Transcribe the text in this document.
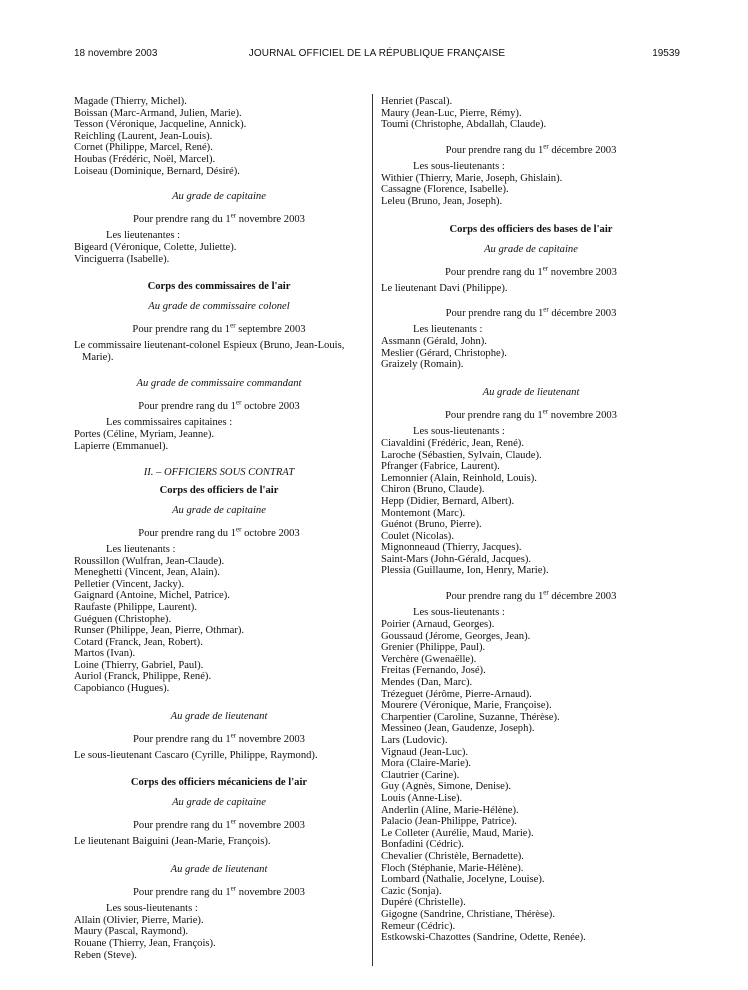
18 novembre 2003	JOURNAL OFFICIEL DE LA RÉPUBLIQUE FRANÇAISE	19539
Magade (Thierry, Michel).
Boissan (Marc-Armand, Julien, Marie).
Tesson (Véronique, Jacqueline, Annick).
Reichling (Laurent, Jean-Louis).
Cornet (Philippe, Marcel, René).
Houbas (Frédéric, Noël, Marcel).
Loiseau (Dominique, Bernard, Désiré).
Au grade de capitaine
Pour prendre rang du 1er novembre 2003
Les lieutenantes :
Bigeard (Véronique, Colette, Juliette).
Vinciguerra (Isabelle).
Corps des commissaires de l'air
Au grade de commissaire colonel
Pour prendre rang du 1er septembre 2003
Le commissaire lieutenant-colonel Espieux (Bruno, Jean-Louis, Marie).
Au grade de commissaire commandant
Pour prendre rang du 1er octobre 2003
Les commissaires capitaines :
Portes (Céline, Myriam, Jeanne).
Lapierre (Emmanuel).
II. – OFFICIERS SOUS CONTRAT
Corps des officiers de l'air
Au grade de capitaine
Pour prendre rang du 1er octobre 2003
Les lieutenants :
Roussillon (Wulfran, Jean-Claude).
Meneghetti (Vincent, Jean, Alain).
Pelletier (Vincent, Jacky).
Gaignard (Antoine, Michel, Patrice).
Raufaste (Philippe, Laurent).
Guéguen (Christophe).
Runser (Philippe, Jean, Pierre, Othmar).
Cotard (Franck, Jean, Robert).
Martos (Ivan).
Loine (Thierry, Gabriel, Paul).
Auriol (Franck, Philippe, René).
Capobianco (Hugues).
Au grade de lieutenant
Pour prendre rang du 1er novembre 2003
Le sous-lieutenant Cascaro (Cyrille, Philippe, Raymond).
Corps des officiers mécaniciens de l'air
Au grade de capitaine
Pour prendre rang du 1er novembre 2003
Le lieutenant Baiguini (Jean-Marie, François).
Au grade de lieutenant
Pour prendre rang du 1er novembre 2003
Les sous-lieutenants :
Allain (Olivier, Pierre, Marie).
Maury (Pascal, Raymond).
Rouane (Thierry, Jean, François).
Reben (Steve).
Henriet (Pascal).
Maury (Jean-Luc, Pierre, Rémy).
Toumi (Christophe, Abdallah, Claude).
Pour prendre rang du 1er décembre 2003
Les sous-lieutenants :
Withier (Thierry, Marie, Joseph, Ghislain).
Cassagne (Florence, Isabelle).
Leleu (Bruno, Jean, Joseph).
Corps des officiers des bases de l'air
Au grade de capitaine
Pour prendre rang du 1er novembre 2003
Le lieutenant Davi (Philippe).
Pour prendre rang du 1er décembre 2003
Les lieutenants :
Assmann (Gérald, John).
Meslier (Gérard, Christophe).
Graizely (Romain).
Au grade de lieutenant
Pour prendre rang du 1er novembre 2003
Les sous-lieutenants :
Ciavaldini (Frédéric, Jean, René).
Laroche (Sébastien, Sylvain, Claude).
Pfranger (Fabrice, Laurent).
Lemonnier (Alain, Reinhold, Louis).
Chiron (Bruno, Claude).
Hepp (Didier, Bernard, Albert).
Montemont (Marc).
Guénot (Bruno, Pierre).
Coulet (Nicolas).
Mignonneaud (Thierry, Jacques).
Saint-Mars (John-Gérald, Jacques).
Plessia (Guillaume, Ion, Henry, Marie).
Pour prendre rang du 1er décembre 2003
Les sous-lieutenants :
Poirier (Arnaud, Georges).
Goussaud (Jérome, Georges, Jean).
Grenier (Philippe, Paul).
Verchère (Gwenaëlle).
Freitas (Fernando, José).
Mendes (Dan, Marc).
Trézeguet (Jérôme, Pierre-Arnaud).
Mourere (Véronique, Marie, Françoise).
Charpentier (Caroline, Suzanne, Thérèse).
Messineo (Jean, Gaudenze, Joseph).
Lars (Ludovic).
Vignaud (Jean-Luc).
Mora (Claire-Marie).
Clautrier (Carine).
Guy (Agnès, Simone, Denise).
Louis (Anne-Lise).
Anderlin (Aline, Marie-Hélène).
Palacio (Jean-Philippe, Patrice).
Le Colleter (Aurélie, Maud, Marie).
Bonfadini (Cédric).
Chevalier (Christèle, Bernadette).
Floch (Stéphanie, Marie-Hélène).
Lombard (Nathalie, Jocelyne, Louise).
Cazic (Sonja).
Dupéré (Christelle).
Gigogne (Sandrine, Christiane, Thérèse).
Remeur (Cédric).
Estkowski-Chazottes (Sandrine, Odette, Renée).
